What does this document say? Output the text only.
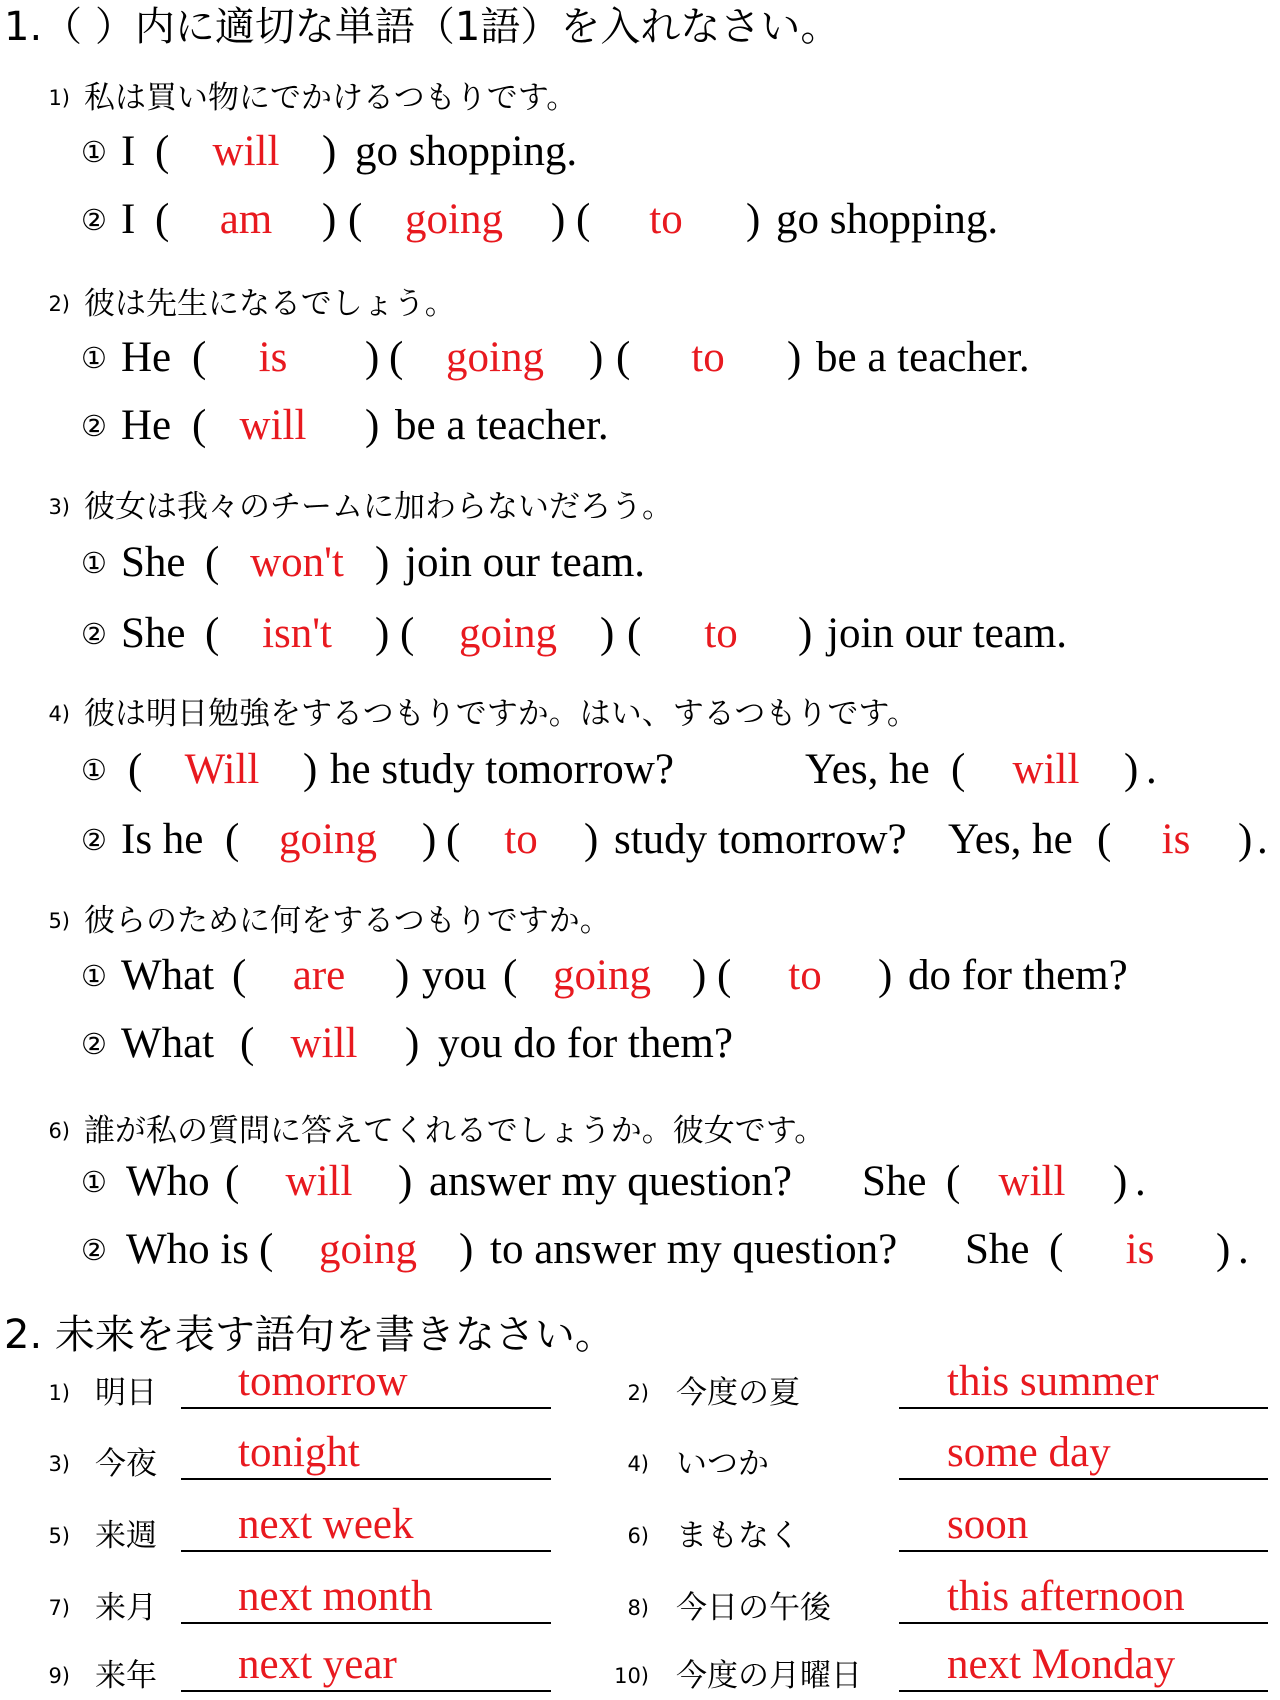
1.（ ）内に適切な単語（1語）を入れなさい。
1) 私は買い物にでかけるつもりです。
① I (	will ) go shopping.
② I (	am	) ( going	) (	to	) go shopping.
2) 彼は先生になるでしょう。
① He (	is	) ( going	) (	to	) be a teacher.
② He ( will	) be a teacher.
3) 彼女は我々のチームに加わらないだろう。
① She ( won't ) join our team.
② She ( isn't	) (	going	) (	to	) join our team.
4) 彼は明日勉強をするつもりですか。はい、するつもりです。
① ( Will	) he study tomorrow?	Yes, he (	will	) .
② Is he ( going	) (	to	) study tomorrow? Yes, he (	is	) .
5) 彼らのために何をするつもりですか。
① What (	are	) you ( going ) (	to	) do for them?
② What ( will	) you do for them?
6) 誰が私の質問に答えてくれるでしょうか。彼女です。
① Who (	will	) answer my question? She ( will	) .
② Who is (	going ) to answer my question? She (	is	) .
2. 未来を表す語句を書きなさい。
1) 明日 tomorrow	2) 今度の夏	this summer
3) 今夜 tonight	4) いつか	some day
5) 来週 next week	6) まもなく	soon
7) 来月 next month	8) 今日の午後	this afternoon
9) 来年 next year	10) 今度の月曜日 next Monday
